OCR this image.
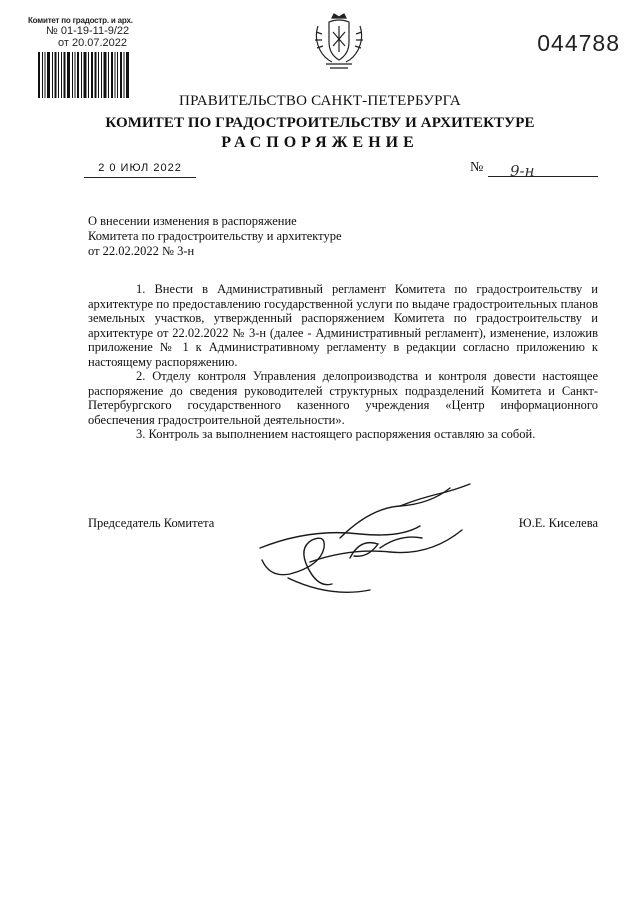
Комитет по градостр. и арх.
№ 01-19-11-9/22
от 20.07.2022	044788
ПРАВИТЕЛЬСТВО САНКТ-ПЕТЕРБУРГА
КОМИТЕТ ПО ГРАДОСТРОИТЕЛЬСТВУ И АРХИТЕКТУРЕ
РАСПОРЯЖЕНИЕ
2 0 ИЮЛ 2022	№	9-н
О внесении изменения в распоряжение
Комитета по градостроительству и архитектуре
от 22.02.2022 № 3-н

1. Внести в Административный регламент Комитета по градостроительству и архитектуре по предоставлению государственной услуги по выдаче градостроительных планов земельных участков, утвержденный распоряжением Комитета по градостроительству и архитектуре от 22.02.2022 № 3-н (далее - Административный регламент), изменение, изложив приложение № 1 к Административному регламенту в редакции согласно приложению к настоящему распоряжению.

2. Отделу контроля Управления делопроизводства и контроля довести настоящее распоряжение до сведения руководителей структурных подразделений Комитета и Санкт-Петербургского государственного казенного учреждения «Центр информационного обеспечения градостроительной деятельности».

3. Контроль за выполнением настоящего распоряжения оставляю за собой.

Председатель Комитета	Ю.Е. Киселева
